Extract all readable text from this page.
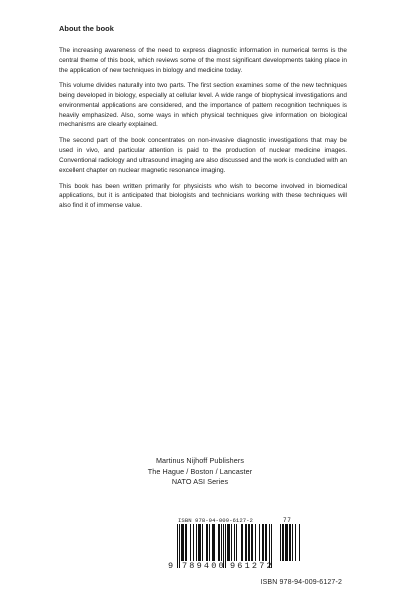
About the book

The increasing awareness of the need to express diagnostic information in numerical terms is the central theme of this book, which reviews some of the most significant developments taking place in the application of new techniques in biology and medicine today.

This volume divides naturally into two parts. The first section examines some of the new techniques being developed in biology, especially at cellular level. A wide range of biophysical investigations and environmental applications are considered, and the importance of pattern recognition techniques is heavily emphasized. Also, some ways in which physical techniques give information on biological mechanisms are clearly explained.

The second part of the book concentrates on non-invasive diagnostic investigations that may be used in vivo, and particular attention is paid to the production of nuclear medicine images. Conventional radiology and ultrasound imaging are also discussed and the work is concluded with an excellent chapter on nuclear magnetic resonance imaging.

This book has been written primarily for physicists who wish to become involved in biomedical applications, but it is anticipated that biologists and technicians working with these techniques will also find it of immense value.

Martinus Nijhoff Publishers
The Hague / Boston / Lancaster
NATO ASI Series
ISBN 978-94-009-6127-2	77
9 789400 961272
ISBN 978-94-009-6127-2
